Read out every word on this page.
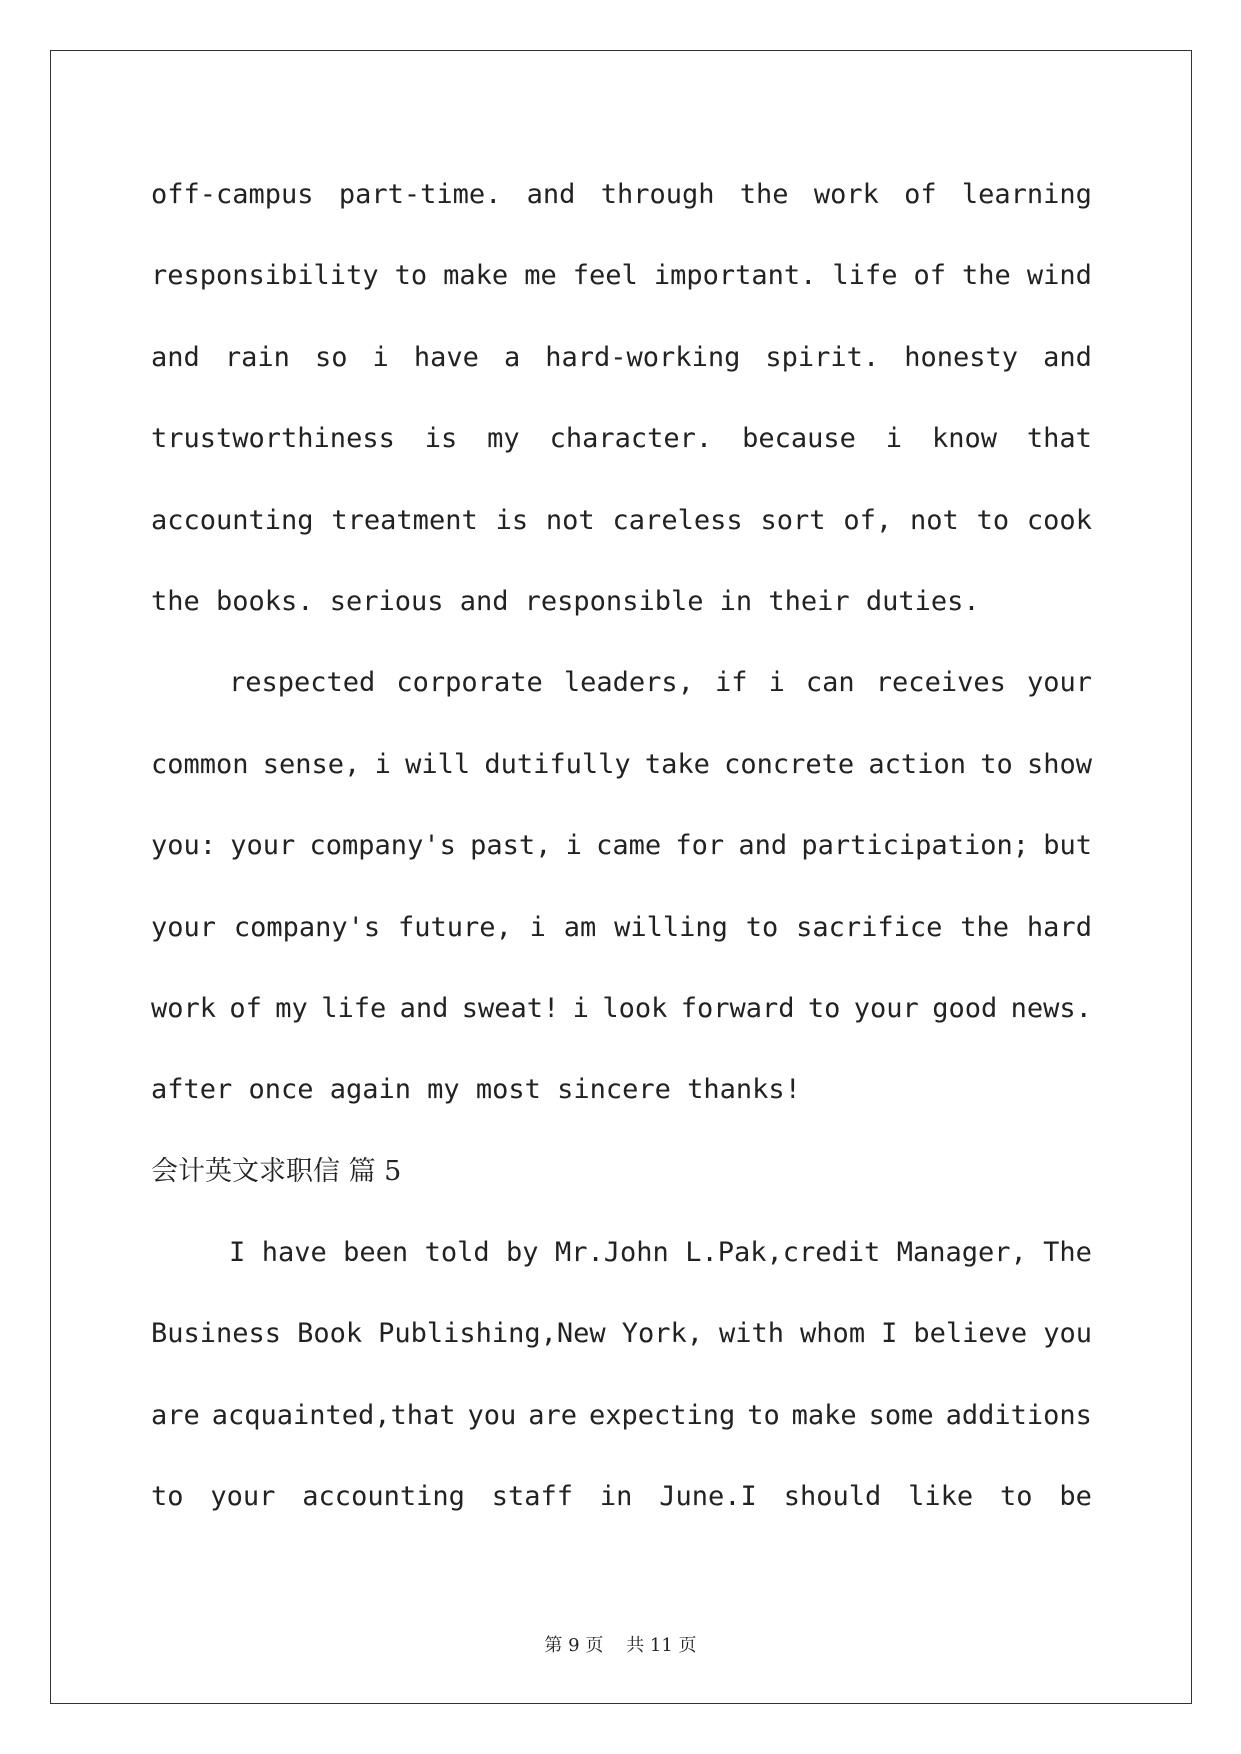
off-campus part-time. and through the work of learning
responsibility to make me feel important. life of the wind
and rain so i have a hard-working spirit. honesty and
trustworthiness is my character. because i know that
accounting treatment is not careless sort of, not to cook
the books. serious and responsible in their duties.
respected corporate leaders, if i can receives your
common sense, i will dutifully take concrete action to show
you: your company's past, i came for and participation; but
your company's future, i am willing to sacrifice the hard
work of my life and sweat! i look forward to your good news.
after once again my most sincere thanks!
会计英文求职信 篇 5
I have been told by Mr.John L.Pak,credit Manager, The
Business Book Publishing,New York, with whom I believe you
are acquainted,that you are expecting to make some additions
to your accounting staff in June.I should like to be
第 9 页    共 11 页
